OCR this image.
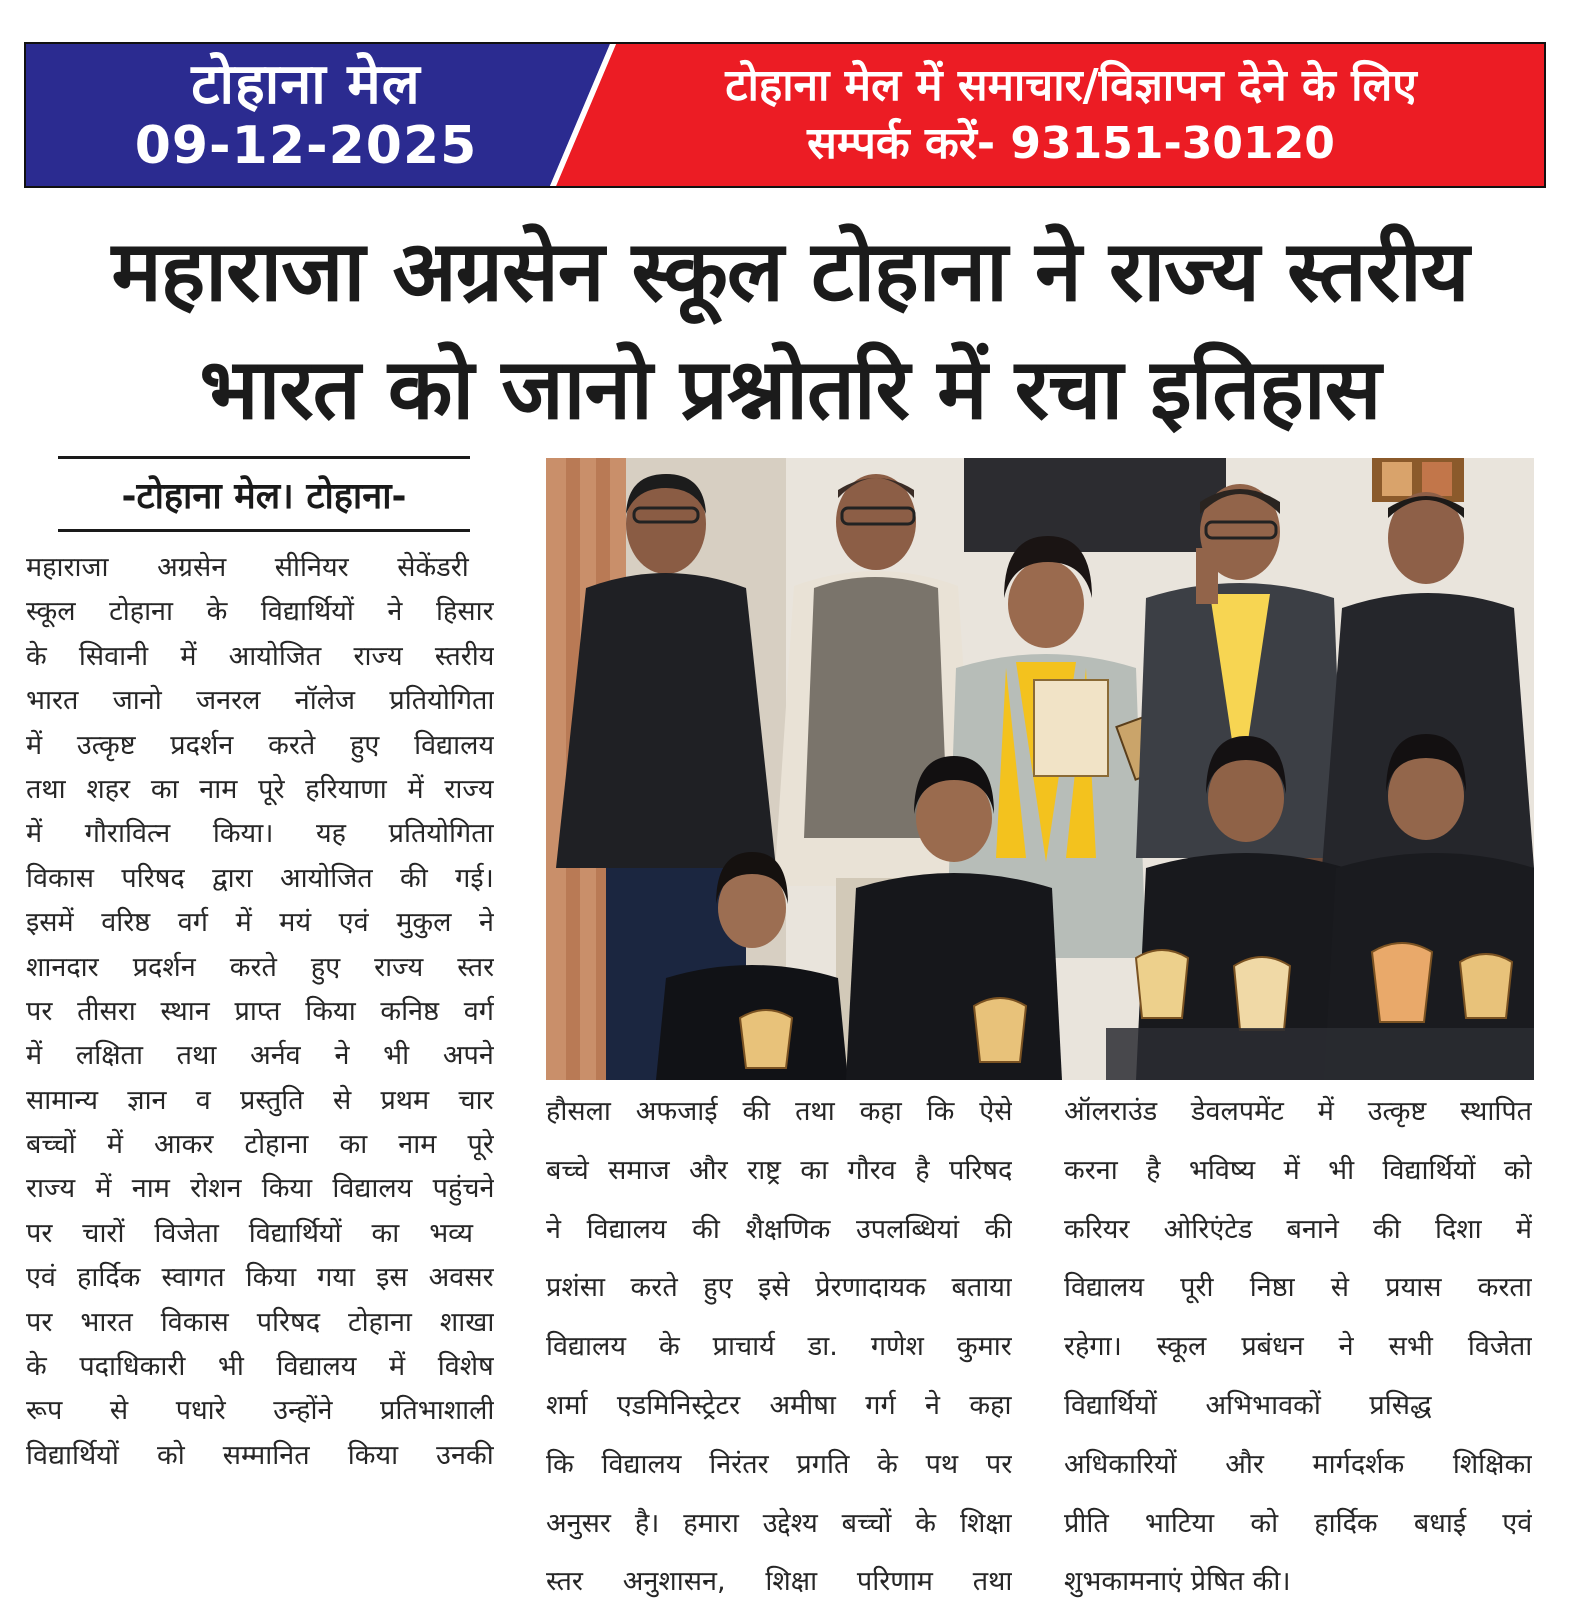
टोहाना मेल
09-12-2025
टोहाना मेल में समाचार/विज्ञापन देने के लिए
सम्पर्क करें- 93151-30120
महाराजा अग्रसेन स्कूल टोहाना ने राज्य स्तरीय
भारत को जानो प्रश्नोतरि में रचा इतिहास
-टोहाना मेल। टोहाना-
महाराजा अग्रसेन सीनियर सेकेंडरी
स्कूल टोहाना के विद्यार्थियों ने हिसार
के सिवानी में आयोजित राज्य स्तरीय
भारत जानो जनरल नॉलेज प्रतियोगिता
में उत्कृष्ट प्रदर्शन करते हुए विद्यालय
तथा शहर का नाम पूरे हरियाणा में राज्य
में गौरावित्न किया। यह प्रतियोगिता
विकास परिषद द्वारा आयोजित की गई।
इसमें वरिष्ठ वर्ग में मयं एवं मुकुल ने
शानदार प्रदर्शन करते हुए राज्य स्तर
पर तीसरा स्थान प्राप्त किया कनिष्ठ वर्ग
में लक्षिता तथा अर्नव ने भी अपने
सामान्य ज्ञान व प्रस्तुति से प्रथम चार
बच्चों में आकर टोहाना का नाम पूरे
राज्य में नाम रोशन किया विद्यालय पहुंचने
पर चारों विजेता विद्यार्थियों का भव्य
एवं हार्दिक स्वागत किया गया इस अवसर
पर भारत विकास परिषद टोहाना शाखा
के पदाधिकारी भी विद्यालय में विशेष
रूप से पधारे उन्होंने प्रतिभाशाली
विद्यार्थियों को सम्मानित किया उनकी
हौसला अफजाई की तथा कहा कि ऐसे बच्चे समाज और राष्ट्र का गौरव है परिषद ने विद्यालय की शैक्षणिक उपलब्धियां की प्रशंसा करते हुए इसे प्रेरणादायक बताया विद्यालय के प्राचार्य डा. गणेश कुमार शर्मा एडमिनिस्ट्रेटर अमीषा गर्ग ने कहा कि विद्यालय निरंतर प्रगति के पथ पर अनुसर है। हमारा उद्देश्य बच्चों के शिक्षा स्तर अनुशासन, शिक्षा परिणाम तथा
ऑलराउंड डेवलपमेंट में उत्कृष्ट स्थापित करना है भविष्य में भी विद्यार्थियों को करियर ओरिएंटेड बनाने की दिशा में विद्यालय पूरी निष्ठा से प्रयास करता रहेगा। स्कूल प्रबंधन ने सभी विजेता विद्यार्थियों अभिभावकों प्रसिद्ध अधिकारियों और मार्गदर्शक शिक्षिका प्रीति भाटिया को हार्दिक बधाई एवं शुभकामनाएं प्रेषित की।
